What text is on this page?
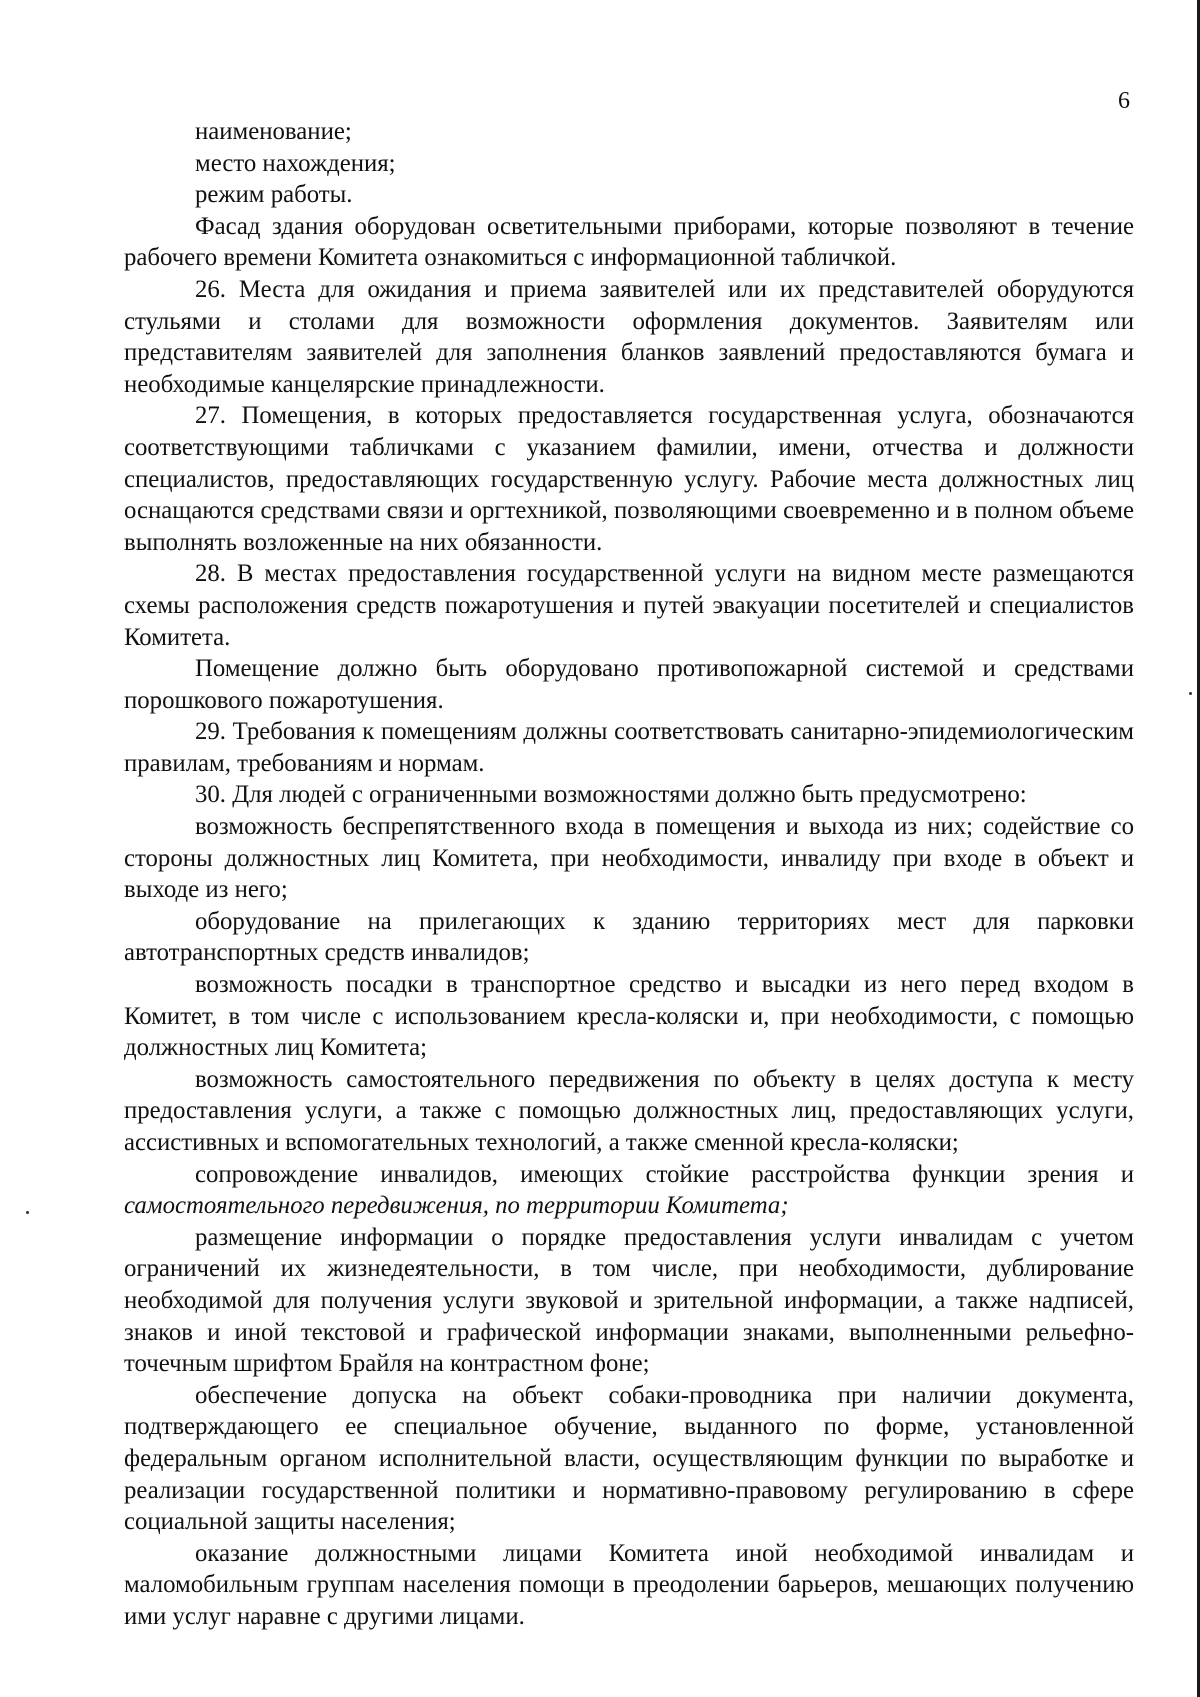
6

наименование;

место нахождения;

режим работы.

Фасад здания оборудован осветительными приборами, которые позволяют в течение рабочего времени Комитета ознакомиться с информационной табличкой.

26. Места для ожидания и приема заявителей или их представителей оборудуются стульями и столами для возможности оформления документов. Заявителям или представителям заявителей для заполнения бланков заявлений предоставляются бумага и необходимые канцелярские принадлежности.

27. Помещения, в которых предоставляется государственная услуга, обозначаются соответствующими табличками с указанием фамилии, имени, отчества и должности специалистов, предоставляющих государственную услугу. Рабочие места должностных лиц оснащаются средствами связи и оргтехникой, позволяющими своевременно и в полном объеме выполнять возложенные на них обязанности.

28. В местах предоставления государственной услуги на видном месте размещаются схемы расположения средств пожаротушения и путей эвакуации посетителей и специалистов Комитета.

Помещение должно быть оборудовано противопожарной системой и средствами порошкового пожаротушения.

29. Требования к помещениям должны соответствовать санитарно-эпидемиологическим правилам, требованиям и нормам.

30. Для людей с ограниченными возможностями должно быть предусмотрено:

возможность беспрепятственного входа в помещения и выхода из них; содействие со стороны должностных лиц Комитета, при необходимости, инвалиду при входе в объект и выходе из него;

оборудование на прилегающих к зданию территориях мест для парковки автотранспортных средств инвалидов;

возможность посадки в транспортное средство и высадки из него перед входом в Комитет, в том числе с использованием кресла-коляски и, при необходимости, с помощью должностных лиц Комитета;

возможность самостоятельного передвижения по объекту в целях доступа к месту предоставления услуги, а также с помощью должностных лиц, предоставляющих услуги, ассистивных и вспомогательных технологий, а также сменной кресла-коляски;

сопровождение инвалидов, имеющих стойкие расстройства функции зрения и самостоятельного передвижения, по территории Комитета;

размещение информации о порядке предоставления услуги инвалидам с учетом ограничений их жизнедеятельности, в том числе, при необходимости, дублирование необходимой для получения услуги звуковой и зрительной информации, а также надписей, знаков и иной текстовой и графической информации знаками, выполненными рельефно-точечным шрифтом Брайля на контрастном фоне;

обеспечение допуска на объект собаки-проводника при наличии документа, подтверждающего ее специальное обучение, выданного по форме, установленной федеральным органом исполнительной власти, осуществляющим функции по выработке и реализации государственной политики и нормативно-правовому регулированию в сфере социальной защиты населения;

оказание должностными лицами Комитета иной необходимой инвалидам и маломобильным группам населения помощи в преодолении барьеров, мешающих получению ими услуг наравне с другими лицами.
